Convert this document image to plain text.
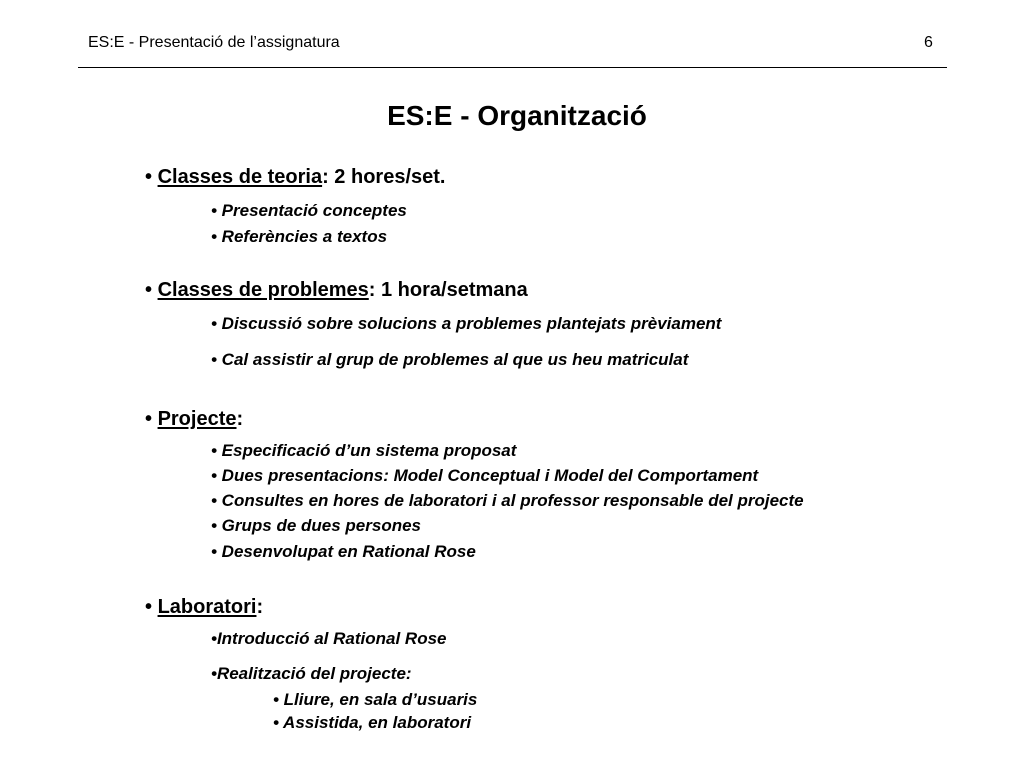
ES:E - Presentació de l’assignatura	6
ES:E - Organització
• Classes de teoria: 2 hores/set.
• Presentació conceptes
• Referències a textos
• Classes de problemes: 1 hora/setmana
• Discussió sobre solucions a problemes plantejats prèviament
• Cal assistir al grup de problemes al que us heu matriculat
• Projecte:
• Especificació d’un sistema proposat
• Dues presentacions: Model Conceptual i Model del Comportament
• Consultes en hores de laboratori i al professor responsable del projecte
• Grups de dues persones
• Desenvolupat en Rational Rose
• Laboratori:
•Introducció al Rational Rose
•Realització del projecte:
• Lliure, en sala d’usuaris
• Assistida, en laboratori
